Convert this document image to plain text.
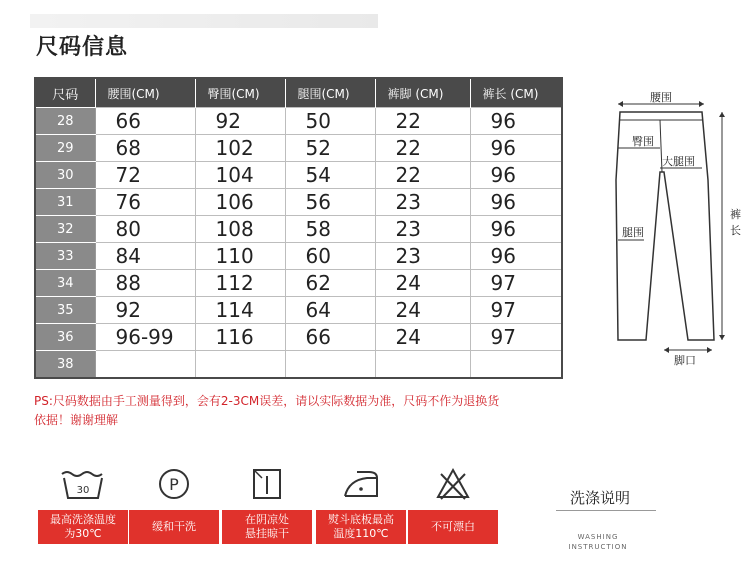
尺码信息
尺码	腰围(CM)	臀围(CM)	腿围(CM)	裤脚 (CM)	裤长 (CM)
28	66	92	50	22	96
29	68	102	52	22	96
30	72	104	54	22	96
31	76	106	56	23	96
32	80	108	58	23	96
33	84	110	60	23	96
34	88	112	62	24	97
35	92	114	64	24	97
36	96-99	116	66	24	97
38					
PS:尺码数据由手工测量得到，会有2-3CM误差，请以实际数据为准，尺码不作为退换货依据！谢谢理解
腰围
臀围
大腿围
腿围
裤
长
脚口
30
最高洗涤温度
为30℃
P
缓和干洗
在阴凉处
悬挂晾干
熨斗底板最高
温度110℃
不可漂白
洗涤说明
WASHING
INSTRUCTION
